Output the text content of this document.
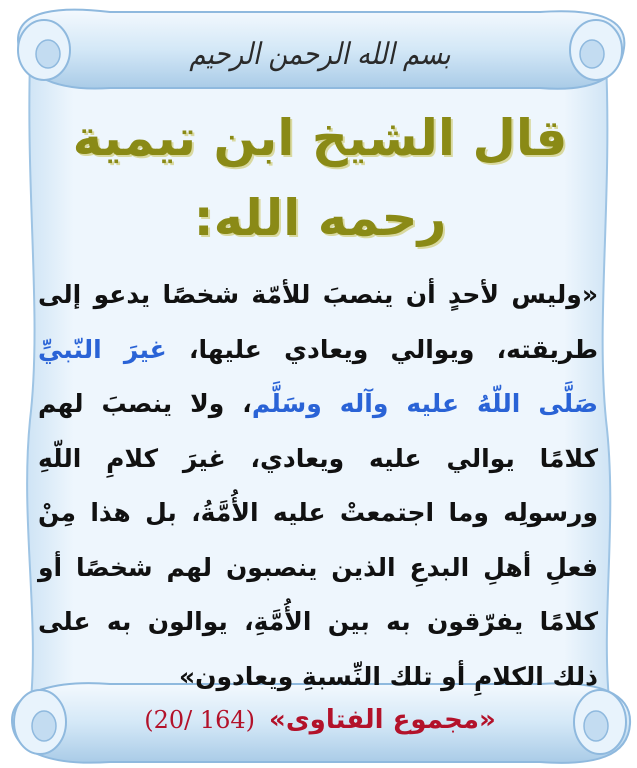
بسم الله الرحمن الرحيم
قال الشيخ ابن تيمية
رحمه الله:
«وليس لأحدٍ أن ينصبَ للأمّة شخصًا يدعو إلى طريقته، ويوالي ويعادي عليها، غيرَ النّبيِّ صَلَّى اللّهُ عليه وآله وسَلَّم، ولا ينصبَ لهم كلامًا يوالي عليه ويعادي، غيرَ كلامِ اللّهِ ورسولِه وما اجتمعتْ عليه الأُمَّةُ، بل هذا مِنْ فعلِ أهلِ البدعِ الذين ينصبون لهم شخصًا أو كلامًا يفرّقون به بين الأُمَّةِ، يوالون به على ذلك الكلامِ أو تلك النِّسبةِ ويعادون»
«مجموع الفتاوى»
(20/ 164)
